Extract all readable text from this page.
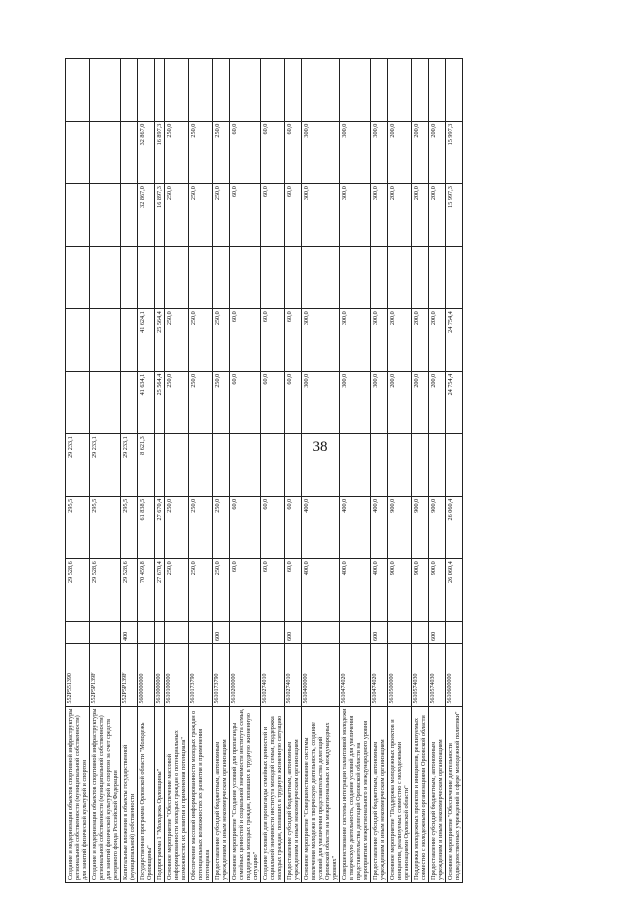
38
Создание и модернизация объектов спортивной инфраструктуры региональной собственности (муниципальной собственности) для занятий физической культурой и спортом	552P551390		29 528,6	295,5	29 233,1						
Создание и модернизация объектов спортивной инфраструктуры региональной собственности (муниципальной собственности) для занятий физической культурой и спортом за счет средств резервного фонда Российской Федерации	552P5Р139F		29 528,6	295,5	29 233,1						
Капитальные вложения в объекты государственной (муниципальной) собственности	552P5Р139F	400	29 528,6	295,5	29 233,1						
Государственная программа Орловской области "Молодежь Орловщины"	5600000000		70 459,8	61 838,5	8 621,3	41 634,1	41 624,1		32 867,0	32 867,0	
Подпрограмма 1 "Молодежь Орловщины"	5610000000		27 670,4	27 670,4		25 564,4	25 564,4		16 897,3	16 897,3	
Основное мероприятие "Обеспечение массовой информированности молодых граждан о потенциальных возможностях их развития и применения потенциала"	5610100000		250,0	250,0		250,0	250,0		250,0	250,0	
Обеспечение массовой информированности молодых граждан о потенциальных возможностях их развития и применения потенциала	5610173790		250,0	250,0		250,0	250,0		250,0	250,0	
Предоставление субсидий бюджетным, автономным учреждениям и иным некоммерческим организациям	5610173790	600	250,0	250,0		250,0	250,0		250,0	250,0	
Основное мероприятие "Создание условий для пропаганды семейных ценностей и социальной значимости института семьи, поддержка молодых граждан, попавших в трудную жизненную ситуацию"	5610200000		60,0	60,0		60,0	60,0		60,0	60,0	
Создание условий для пропаганды семейных ценностей и социальной значимости института молодой семьи, поддержка молодых граждан, попавших в трудную жизненную ситуацию	5610274010		60,0	60,0		60,0	60,0		60,0	60,0	
Предоставление субсидий бюджетным, автономным учреждениям и иным некоммерческим организациям	5610274010	600	60,0	60,0		60,0	60,0		60,0	60,0	
Основное мероприятие "Совершенствование системы вовлечения молодежи в творческую деятельность, создание условий для увеличения представительства делегаций Орловской области на межрегиональных и международных уровнях"	5610400000		400,0	400,0		300,0	300,0		300,0	300,0	
Совершенствование системы интеграции талантливой молодежи в творческую деятельность, создание условий для увеличения представительства делегаций Орловской области на мероприятиях межрегионального и международного уровня	5610474020		400,0	400,0		300,0	300,0		300,0	300,0	
Предоставление субсидий бюджетным, автономным учреждениям и иным некоммерческим организациям	5610474020	600	400,0	400,0		300,0	300,0		300,0	300,0	
Основное мероприятие "Поддержка молодежных проектов и инициатив, реализуемых совместно с молодежными организациями Орловской области"	5610500000		900,0	900,0		200,0	200,0		200,0	200,0	
Поддержка молодежных проектов и инициатив, реализуемых совместно с молодежными организациями Орловской области	5610574030		900,0	900,0		200,0	200,0		200,0	200,0	
Предоставление субсидий бюджетным, автономным учреждениям и иным некоммерческим организациям	5610574030	600	900,0	900,0		200,0	200,0		200,0	200,0	
Основное мероприятие "Обеспечение деятельности подведомственных учреждений в сфере молодежной политики"	5610600000		26 060,4	26 060,4		24 754,4	24 754,4		15 997,3	15 997,3	
